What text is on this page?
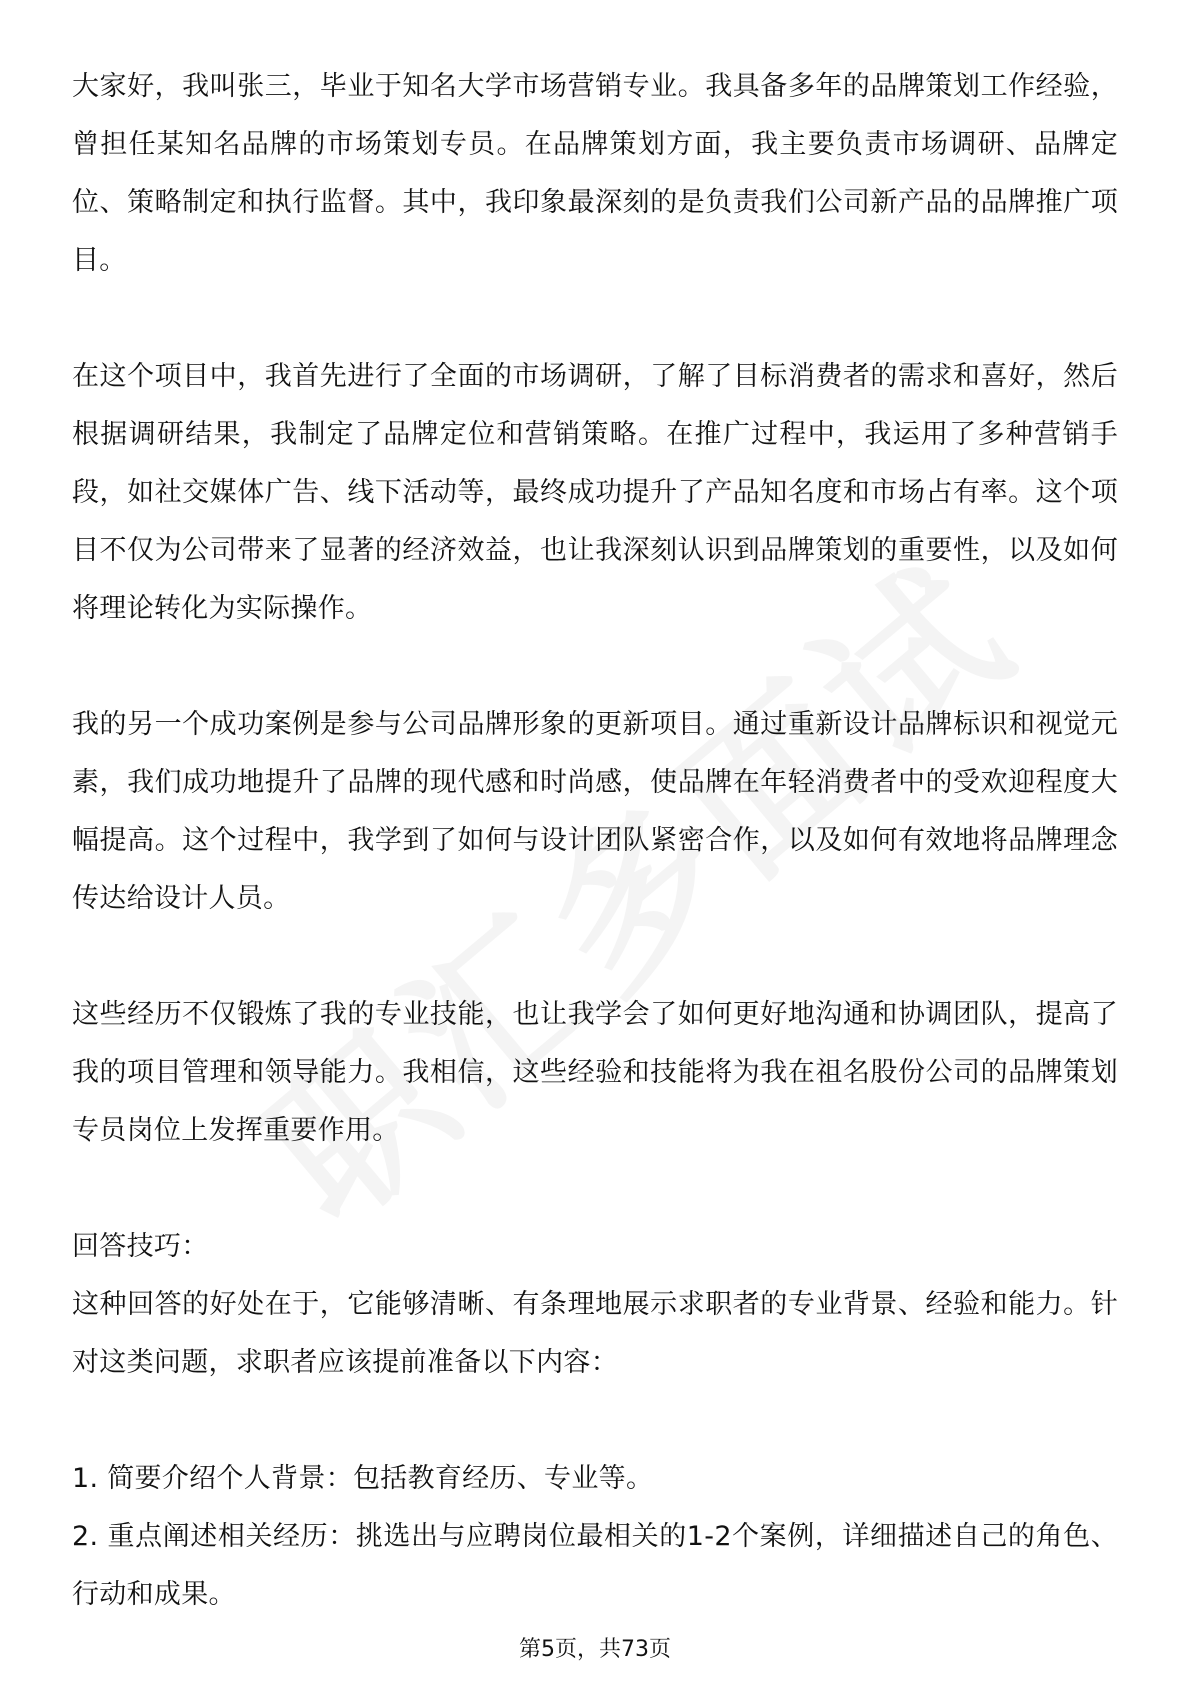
大家好，我叫张三，毕业于知名大学市场营销专业。我具备多年的品牌策划工作经验，曾担任某知名品牌的市场策划专员。在品牌策划方面，我主要负责市场调研、品牌定位、策略制定和执行监督。其中，我印象最深刻的是负责我们公司新产品的品牌推广项目。

在这个项目中，我首先进行了全面的市场调研，了解了目标消费者的需求和喜好，然后根据调研结果，我制定了品牌定位和营销策略。在推广过程中，我运用了多种营销手段，如社交媒体广告、线下活动等，最终成功提升了产品知名度和市场占有率。这个项目不仅为公司带来了显著的经济效益，也让我深刻认识到品牌策划的重要性，以及如何将理论转化为实际操作。

我的另一个成功案例是参与公司品牌形象的更新项目。通过重新设计品牌标识和视觉元素，我们成功地提升了品牌的现代感和时尚感，使品牌在年轻消费者中的受欢迎程度大幅提高。这个过程中，我学到了如何与设计团队紧密合作，以及如何有效地将品牌理念传达给设计人员。

这些经历不仅锻炼了我的专业技能，也让我学会了如何更好地沟通和协调团队，提高了我的项目管理和领导能力。我相信，这些经验和技能将为我在祖名股份公司的品牌策划专员岗位上发挥重要作用。

回答技巧：

这种回答的好处在于，它能够清晰、有条理地展示求职者的专业背景、经验和能力。针对这类问题，求职者应该提前准备以下内容：

1. 简要介绍个人背景：包括教育经历、专业等。

2. 重点阐述相关经历：挑选出与应聘岗位最相关的1-2个案例，详细描述自己的角色、行动和成果。

第5页，共73页
